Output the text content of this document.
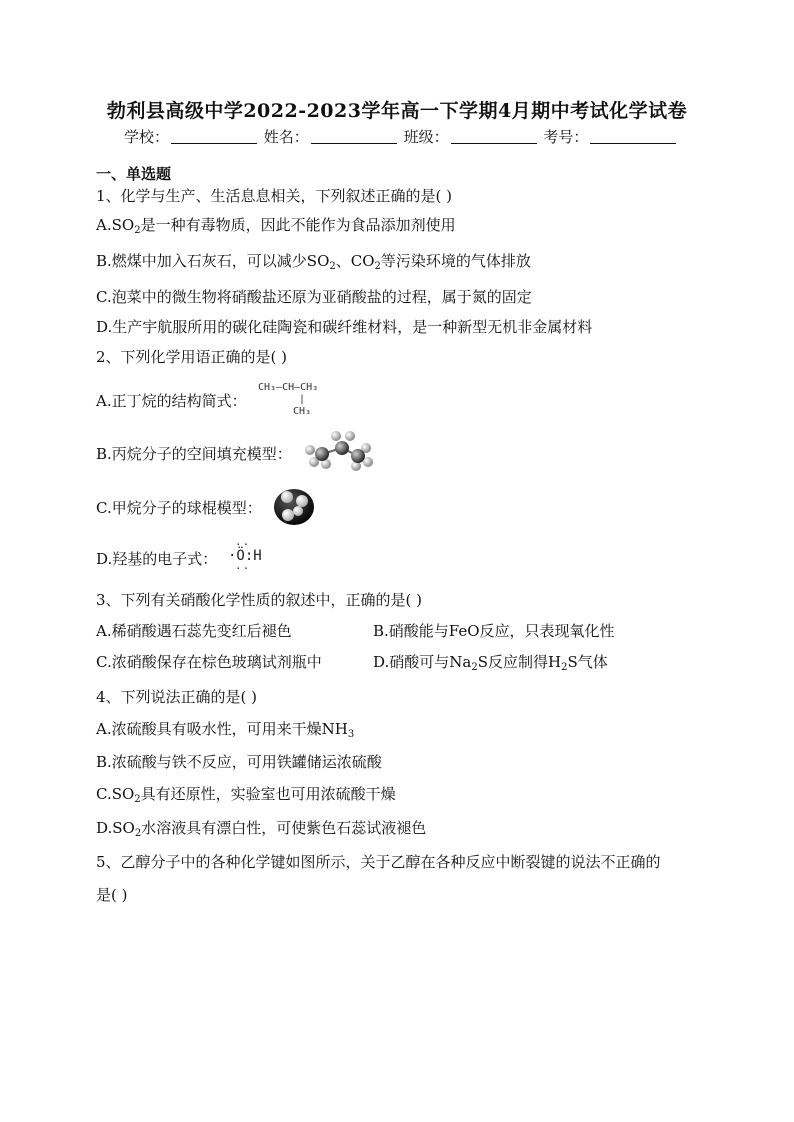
勃利县高级中学2022-2023学年高一下学期4月期中考试化学试卷
学校：	姓名：	班级：	考号：
一、单选题
1、化学与生产、生活息息相关，下列叙述正确的是( )
$A.SO_2$是一种有毒物质，因此不能作为食品添加剂使用
B.燃煤中加入石灰石，可以减少$SO_2$、$CO_2$等污染环境的气体排放
C.泡菜中的微生物将硝酸盐还原为亚硝酸盐的过程，属于氮的固定
D.生产宇航服所用的碳化硅陶瓷和碳纤维材料，是一种新型无机非金属材料
2、下列化学用语正确的是( )
A.正丁烷的结构简式：
CH₃—CH—CH₃
|
CH₃
B.丙烷分子的空间填充模型：
C.甲烷分子的球棍模型：
D.羟基的电子式：
··
·Ö:H
··
3、下列有关硝酸化学性质的叙述中，正确的是( )
A.稀硝酸遇石蕊先变红后褪色	B.硝酸能与FeO反应，只表现氧化性
C.浓硝酸保存在棕色玻璃试剂瓶中	D.硝酸可与$Na_2S$反应制得$H_2S$气体
4、下列说法正确的是( )
A.浓硫酸具有吸水性，可用来干燥$NH_3$
B.浓硫酸与铁不反应，可用铁罐储运浓硫酸
$C.SO_2$具有还原性，实验室也可用浓硫酸干燥
$D.SO_2$水溶液具有漂白性，可使紫色石蕊试液褪色
5、乙醇分子中的各种化学键如图所示，关于乙醇在各种反应中断裂键的说法不正确的
是( )
